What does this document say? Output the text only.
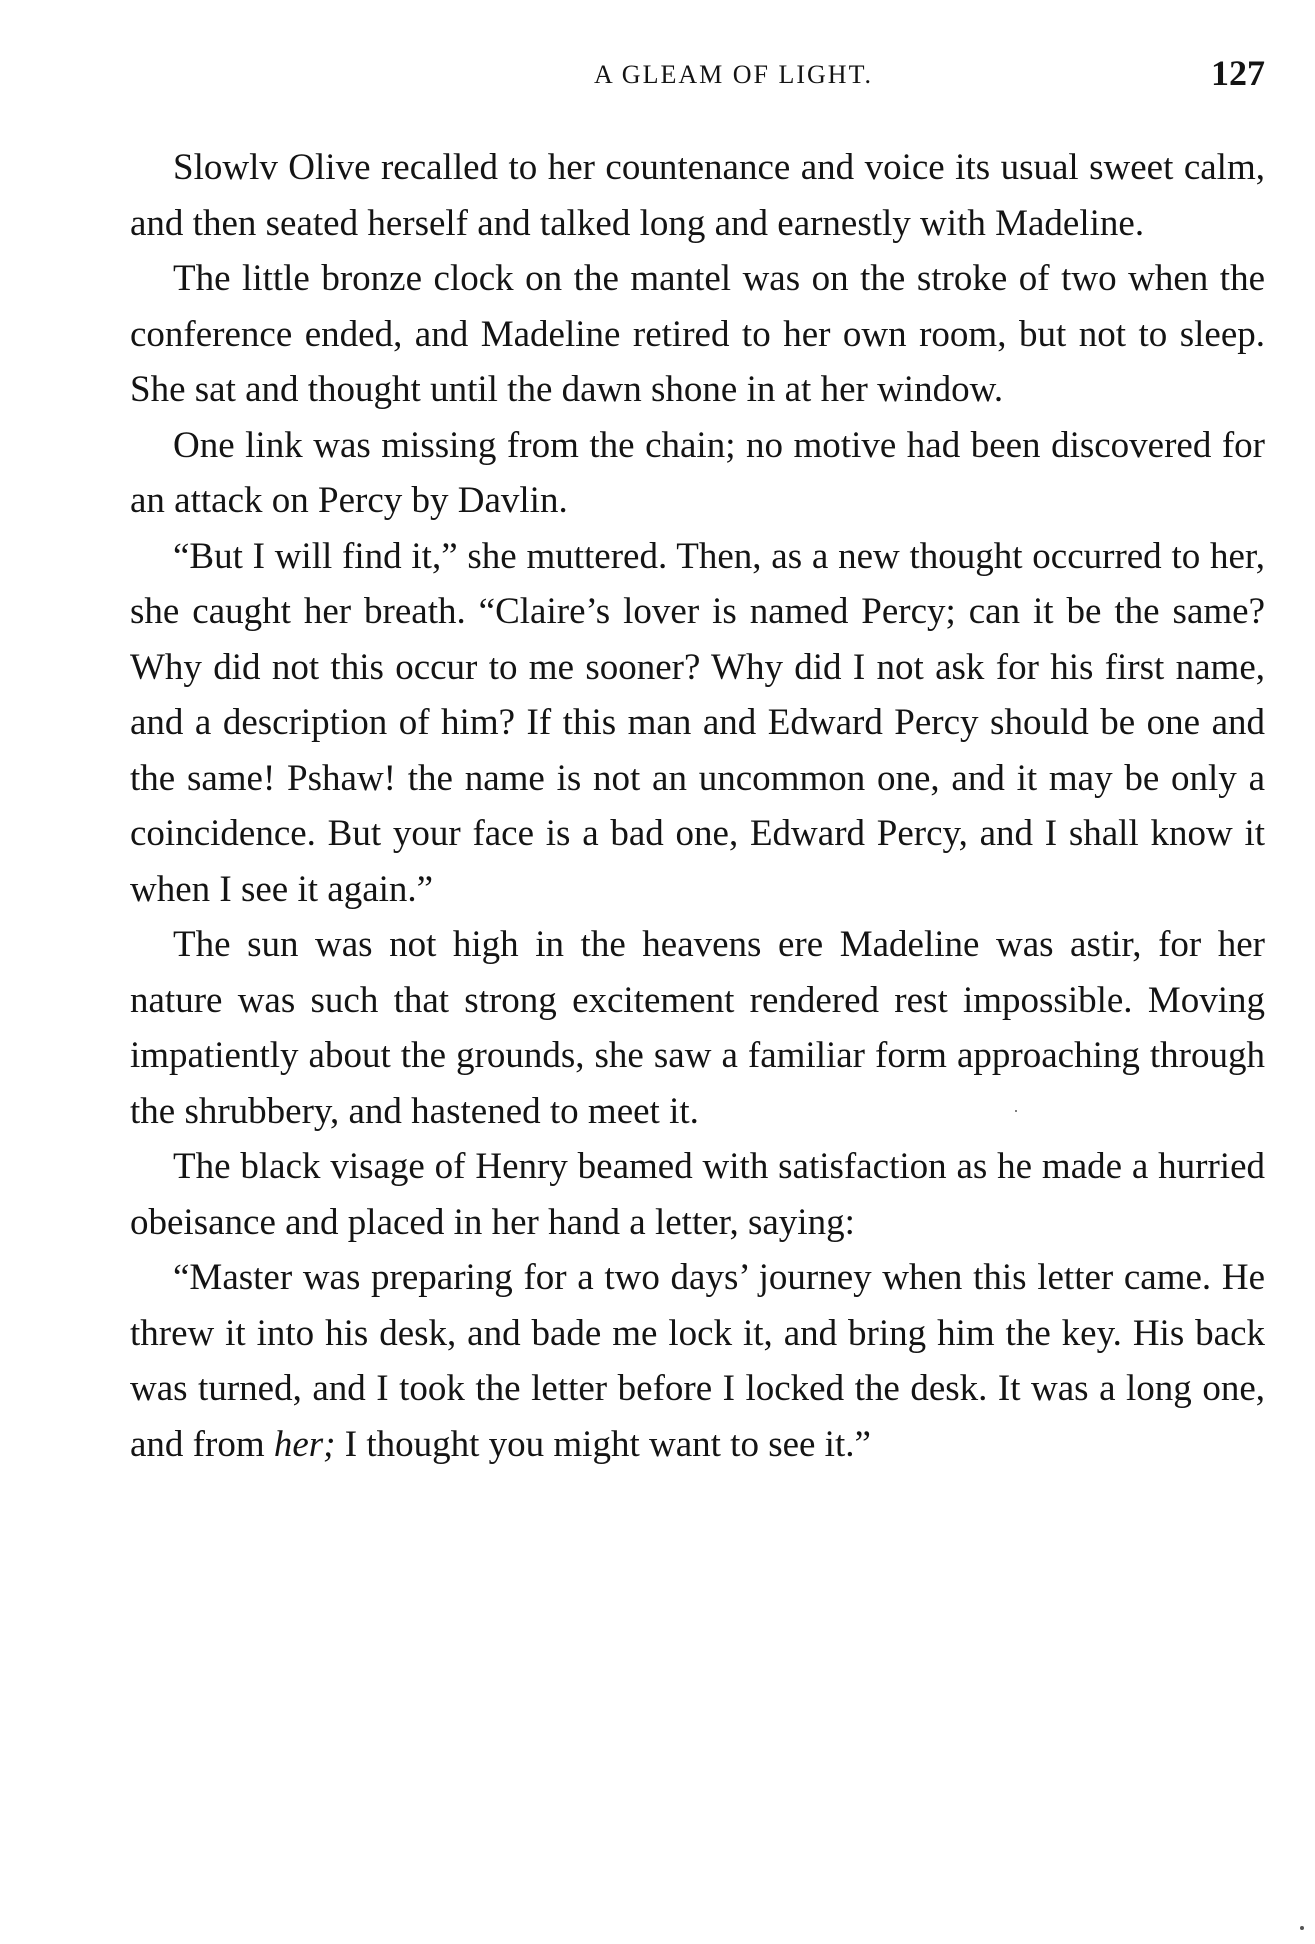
A GLEAM OF LIGHT.	127

Slowlv Olive recalled to her countenance and voice its usual sweet calm, and then seated herself and talked long and earnestly with Madeline.

The little bronze clock on the mantel was on the stroke of two when the conference ended, and Madeline retired to her own room, but not to sleep. She sat and thought until the dawn shone in at her window.

One link was missing from the chain; no motive had been discovered for an attack on Percy by Davlin.

“But I will find it,” she muttered. Then, as a new thought occurred to her, she caught her breath. “Claire’s lover is named Percy; can it be the same? Why did not this occur to me sooner? Why did I not ask for his first name, and a description of him? If this man and Edward Percy should be one and the same! Pshaw! the name is not an uncommon one, and it may be only a coincidence. But your face is a bad one, Edward Percy, and I shall know it when I see it again.”

The sun was not high in the heavens ere Madeline was astir, for her nature was such that strong excitement rendered rest impossible. Moving impatiently about the grounds, she saw a familiar form approaching through the shrubbery, and hastened to meet it.

The black visage of Henry beamed with satisfaction as he made a hurried obeisance and placed in her hand a letter, saying:

“Master was preparing for a two days’ journey when this letter came. He threw it into his desk, and bade me lock it, and bring him the key. His back was turned, and I took the letter before I locked the desk. It was a long one, and from her; I thought you might want to see it.”
